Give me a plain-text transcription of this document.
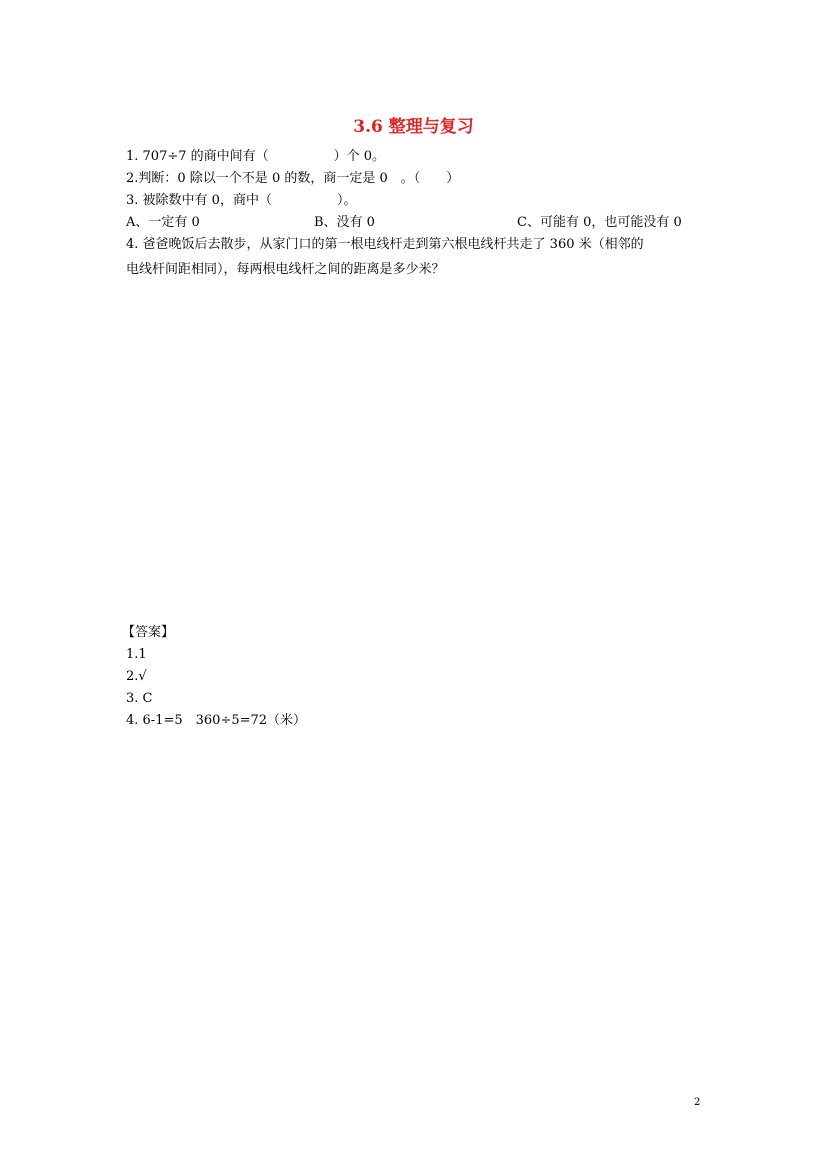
3.6 整理与复习
1. 707÷7 的商中间有（　　　　　）个 0。
2.判断：0 除以一个不是 0 的数，商一定是 0　。（　　）
3. 被除数中有 0，商中（　　　　　）。
A、一定有 0	B、没有 0	C、可能有 0，也可能没有 0
4. 爸爸晚饭后去散步，从家门口的第一根电线杆走到第六根电线杆共走了 360 米（相邻的
电线杆间距相同），每两根电线杆之间的距离是多少米？
【答案】
1.1
2.√
3. C
4. 6-1=5　360÷5=72（米）
2
